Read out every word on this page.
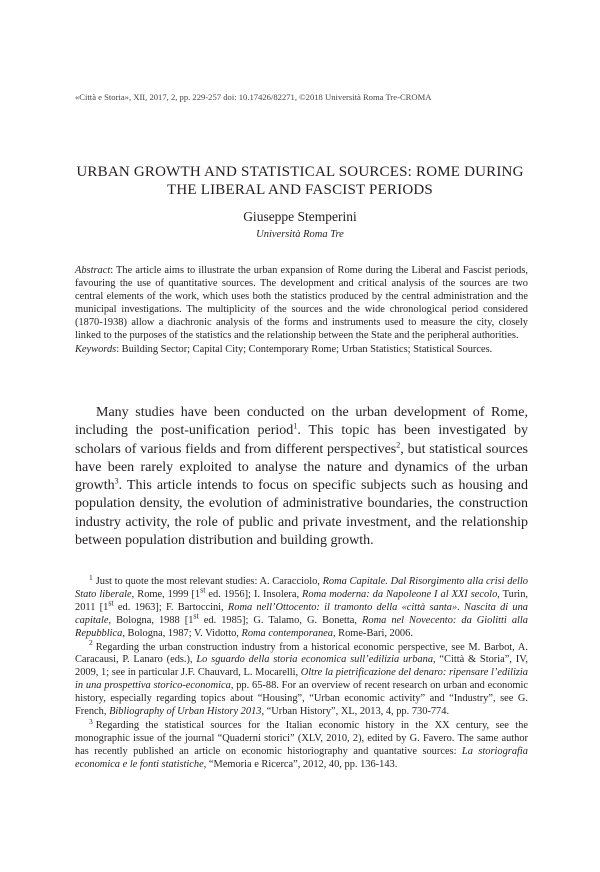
«Città e Storia», XII, 2017, 2, pp. 229-257 doi: 10.17426/82271, ©2018 Università Roma Tre-CROMA
URBAN GROWTH AND STATISTICAL SOURCES: ROME DURING THE LIBERAL AND FASCIST PERIODS
Giuseppe Stemperini
Università Roma Tre

Abstract: The article aims to illustrate the urban expansion of Rome during the Liberal and Fascist periods, favouring the use of quantitative sources. The development and critical analysis of the sources are two central elements of the work, which uses both the statistics produced by the central administration and the municipal investigations. The multiplicity of the sources and the wide chronological period considered (1870-1938) allow a diachronic analysis of the forms and instruments used to measure the city, closely linked to the purposes of the statistics and the relationship between the State and the peripheral authorities.

Keywords: Building Sector; Capital City; Contemporary Rome; Urban Statistics; Statistical Sources.

Many studies have been conducted on the urban development of Rome, including the post-unification period$^1$. This topic has been investigated by scholars of various fields and from different perspectives$^2$, but statistical sources have been rarely exploited to analyse the nature and dynamics of the urban growth$^3$. This article intends to focus on specific subjects such as housing and population density, the evolution of administrative boundaries, the construction industry activity, the role of public and private investment, and the relationship between population distribution and building growth.

$^1$ Just to quote the most relevant studies: A. Caracciolo, Roma Capitale. Dal Risorgimento alla crisi dello Stato liberale, Rome, 1999 [1st ed. 1956]; I. Insolera, Roma moderna: da Napoleone I al XXI secolo, Turin, 2011 [1st ed. 1963]; F. Bartoccini, Roma nell’Ottocento: il tramonto della «città santa». Nascita di una capitale, Bologna, 1988 [1st ed. 1985]; G. Talamo, G. Bonetta, Roma nel Novecento: da Giolitti alla Repubblica, Bologna, 1987; V. Vidotto, Roma contemporanea, Rome-Bari, 2006.

$^2$ Regarding the urban construction industry from a historical economic perspective, see M. Barbot, A. Caracausi, P. Lanaro (eds.), Lo sguardo della storia economica sull’edilizia urbana, “Città & Storia”, IV, 2009, 1; see in particular J.F. Chauvard, L. Mocarelli, Oltre la pietrificazione del denaro: ripensare l’edilizia in una prospettiva storico-economica, pp. 65-88. For an overview of recent research on urban and economic history, especially regarding topics about “Housing”, “Urban economic activity” and “Industry”, see G. French, Bibliography of Urban History 2013, “Urban History”, XL, 2013, 4, pp. 730-774.

$^3$ Regarding the statistical sources for the Italian economic history in the XX century, see the monographic issue of the journal “Quaderni storici” (XLV, 2010, 2), edited by G. Favero. The same author has recently published an article on economic historiography and quantative sources: La storiografia economica e le fonti statistiche, “Memoria e Ricerca”, 2012, 40, pp. 136-143.
